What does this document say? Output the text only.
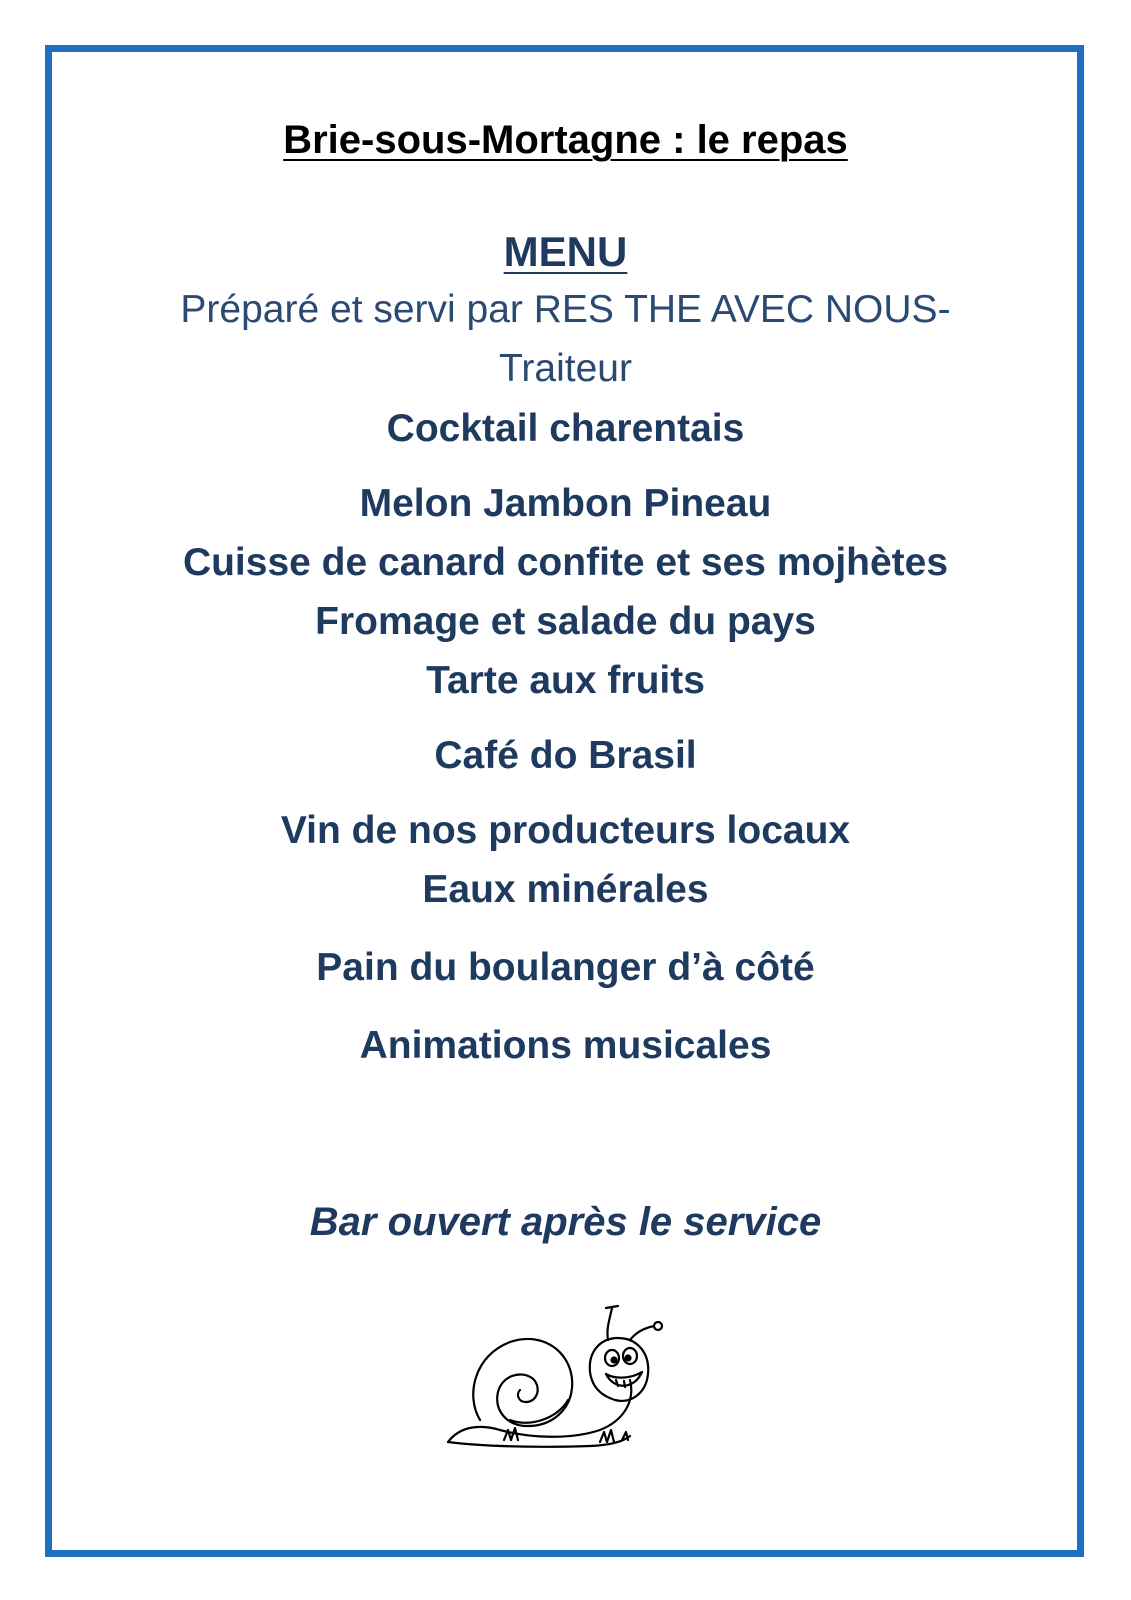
Brie-sous-Mortagne : le repas
MENU
Préparé et servi par RES THE AVEC NOUS-
Traiteur
Cocktail charentais
Melon Jambon Pineau
Cuisse de canard confite et ses mojhètes
Fromage et salade du pays
Tarte aux fruits
Café do Brasil
Vin de nos producteurs locaux
Eaux minérales
Pain du boulanger d’à côté
Animations musicales
Bar ouvert après le service
